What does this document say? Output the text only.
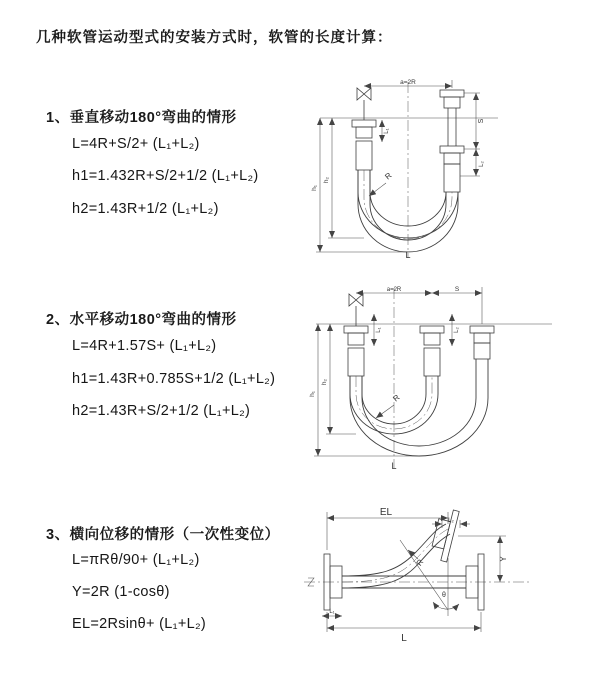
几种软管运动型式的安装方式时，软管的长度计算：
1、垂直移动180°弯曲的情形
L=4R+S/2+ (L₁+L₂)
h1=1.432R+S/2+1/2 (L₁+L₂)
h2=1.43R+1/2 (L₁+L₂)
2、水平移动180°弯曲的情形
L=4R+1.57S+ (L₁+L₂)
h1=1.43R+0.785S+1/2 (L₁+L₂)
h2=1.43R+S/2+1/2 (L₁+L₂)
3、横向位移的情形（一次性变位）
L=πRθ/90+ (L₁+L₂)
Y=2R (1-cosθ)
EL=2Rsinθ+ (L₁+L₂)
R
a=2R
L₁
S
L₂
h₁
h₂
L
R
a=2R	S
L₁	L₂
h₁
h₂
L
θ
R
EL
L₂
Y
L₁
L
